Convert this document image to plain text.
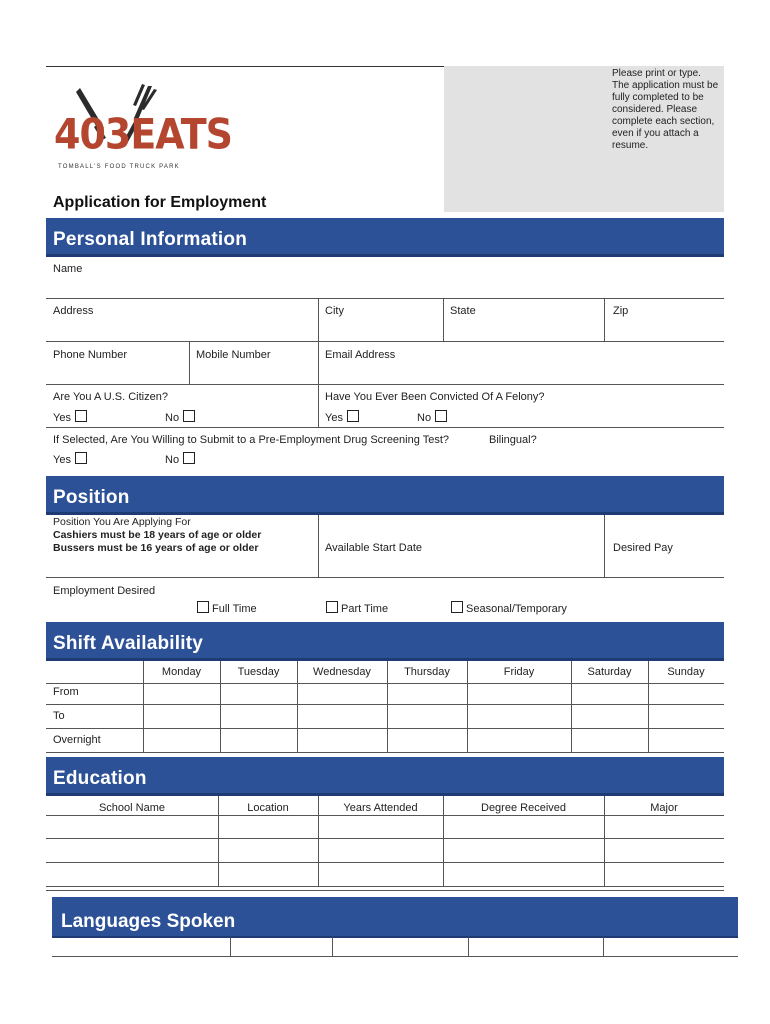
403EATS
TOMBALL'S FOOD TRUCK PARK
Please print or type. The application must be fully completed to be considered. Please complete each section, even if you attach a resume.
Application for Employment
Personal Information
Name
Address	City	State	Zip
Phone Number	Mobile Number	Email Address
Are You A U.S. Citizen?
Yes	No
Have You Ever Been Convicted Of A Felony?
Yes	No
If Selected, Are You Willing to Submit to a Pre-Employment Drug Screening Test?	Bilingual?
Yes	No
Position
Position You Are Applying For
Cashiers must be 18 years of age or older
Bussers must be 16 years of age or older	Available Start Date	Desired Pay
Employment Desired
Full Time	Part Time	Seasonal/Temporary
Shift Availability
Monday	Tuesday	Wednesday	Thursday	Friday	Saturday	Sunday
From
To
Overnight
Education
School Name	Location	Years Attended	Degree Received	Major
Languages Spoken
